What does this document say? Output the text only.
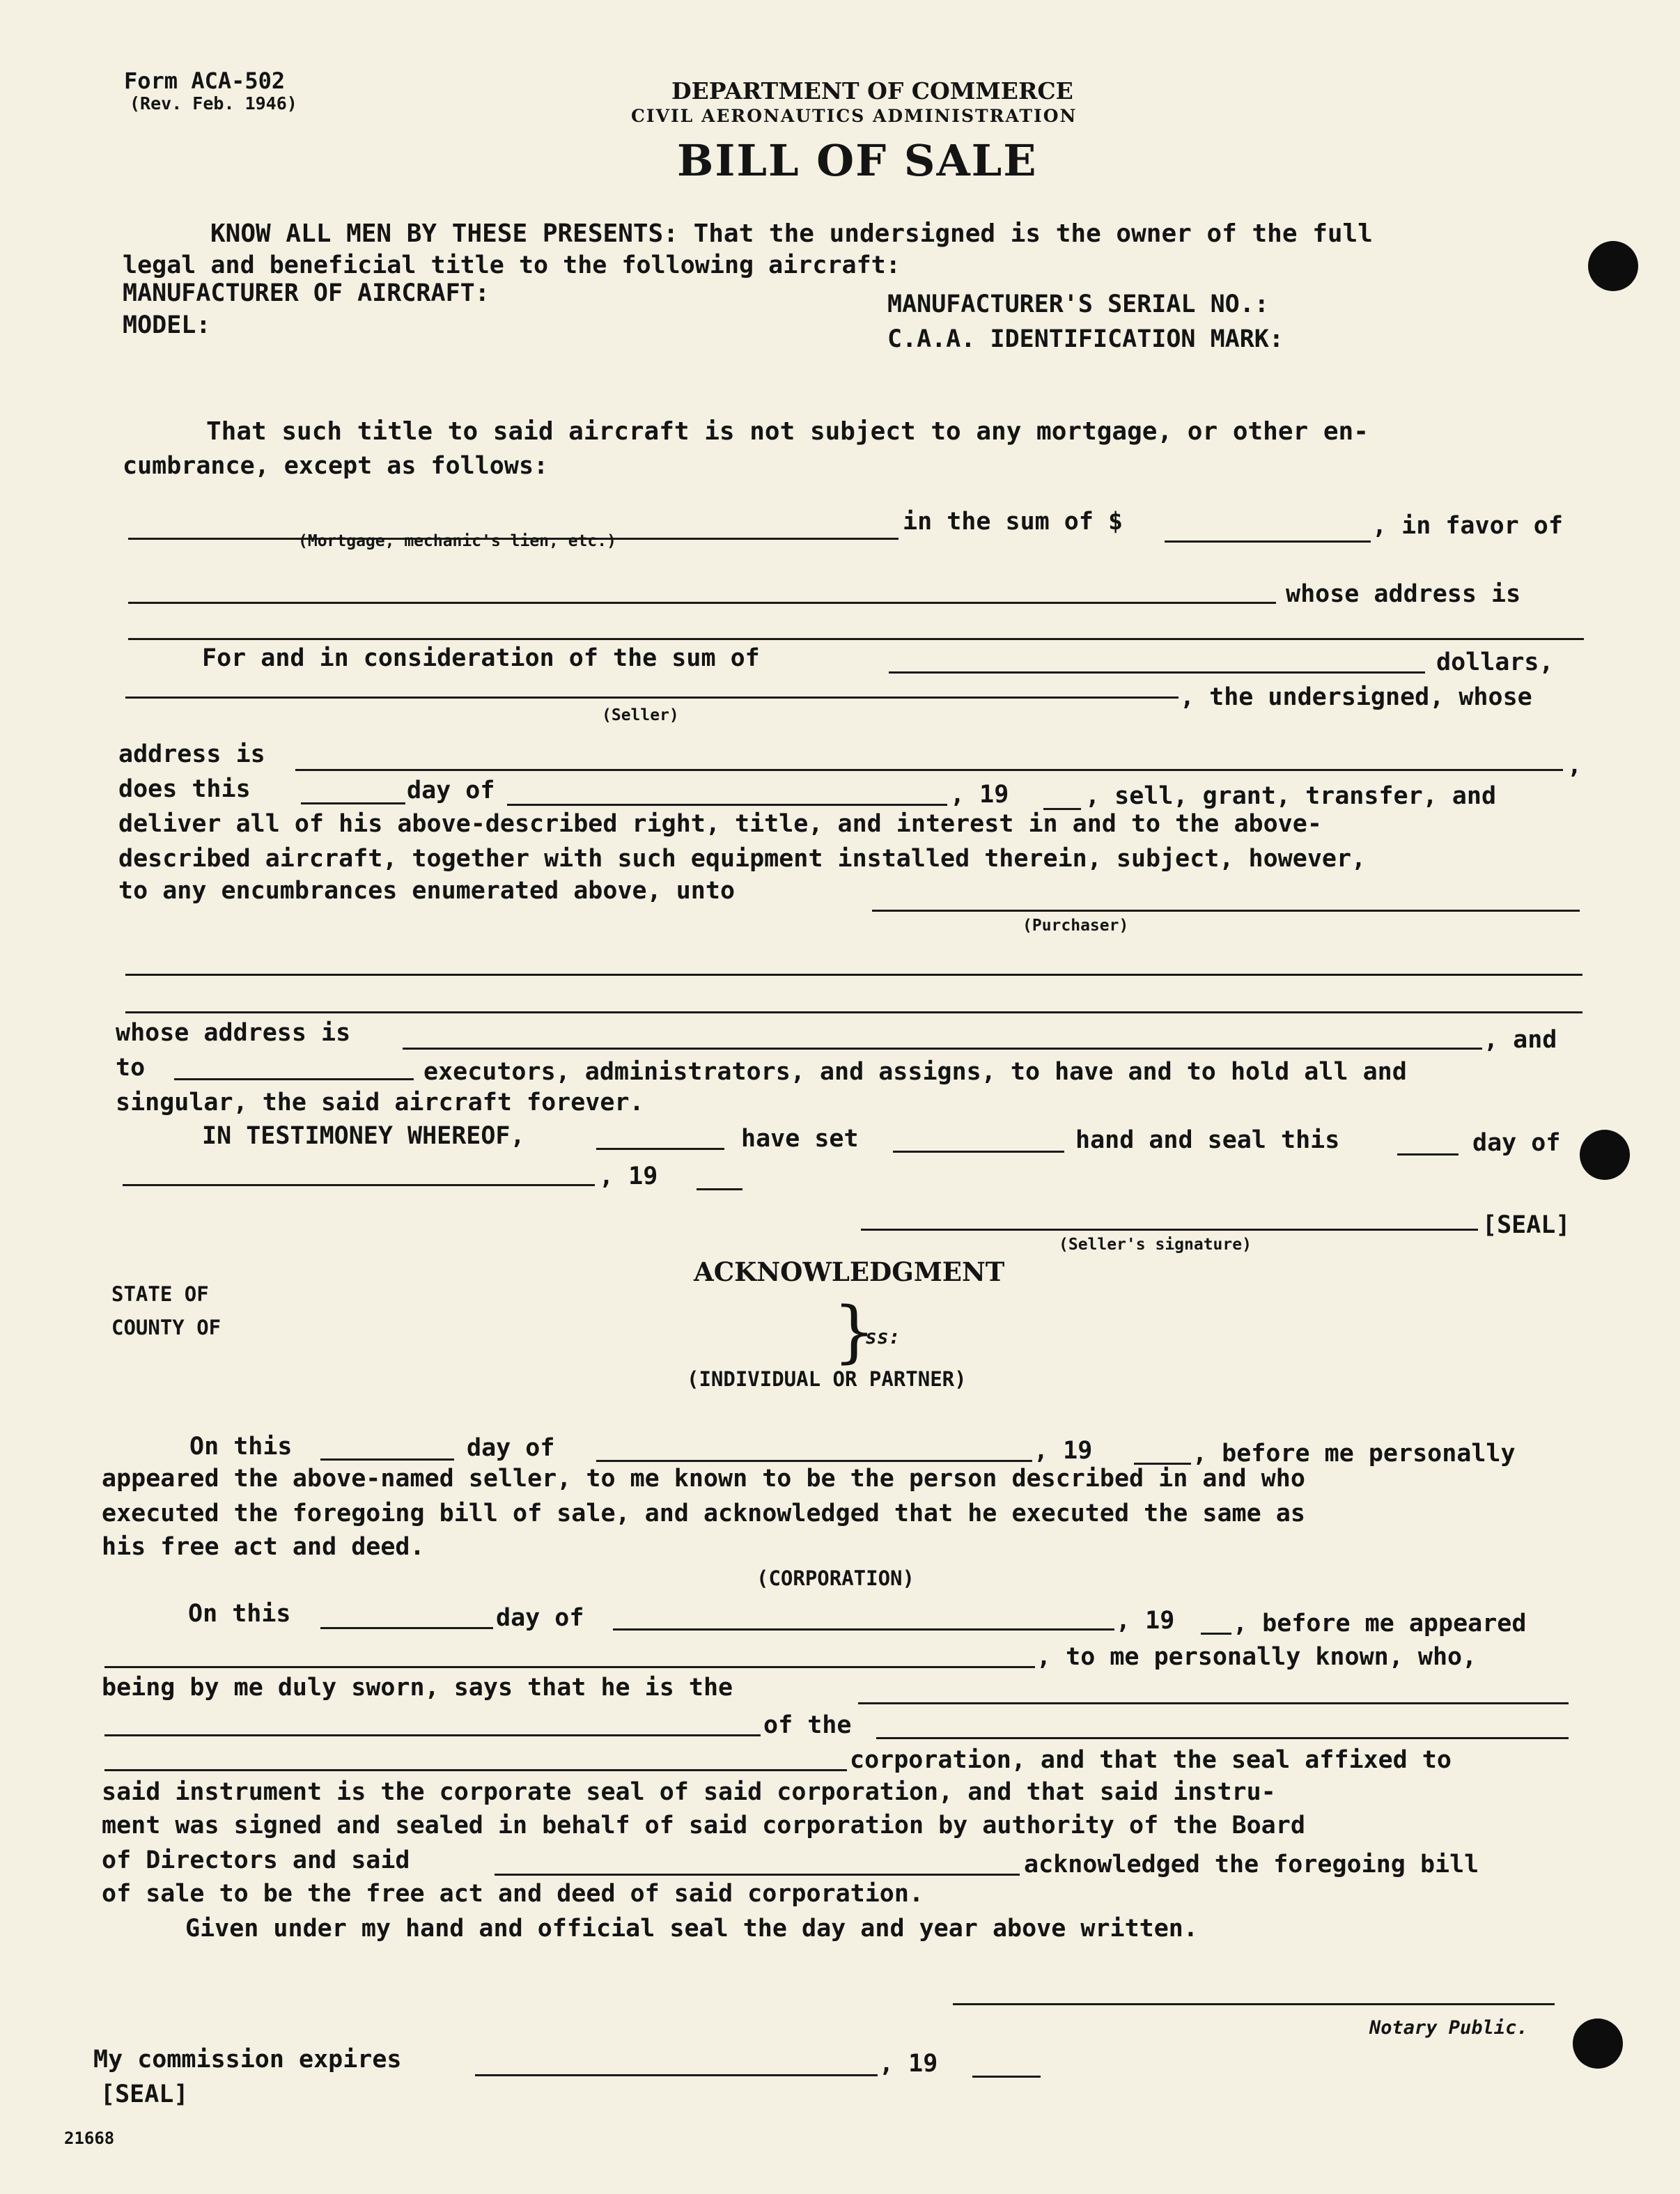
Form ACA-502
(Rev. Feb. 1946)	DEPARTMENT OF COMMERCE
CIVIL AERONAUTICS ADMINISTRATION
BILL OF SALE
KNOW ALL MEN BY THESE PRESENTS: That the undersigned is the owner of the full
legal and beneficial title to the following aircraft:
MANUFACTURER OF AIRCRAFT:
MODEL:
MANUFACTURER'S SERIAL NO.:
C.A.A. IDENTIFICATION MARK:
That such title to said aircraft is not subject to any mortgage, or other en-
cumbrance, except as follows:
(Mortgage, mechanic's lien, etc.)
in the sum of $	, in favor of
whose address is
For and in consideration of the sum of	dollars,
(Seller)
, the undersigned, whose
address is	,
does this	day of	, 19	, sell, grant, transfer, and
deliver all of his above-described right, title, and interest in and to the above-
described aircraft, together with such equipment installed therein, subject, however,
to any encumbrances enumerated above, unto
(Purchaser)
whose address is	, and
to	executors, administrators, and assigns, to have and to hold all and
singular, the said aircraft forever.
IN TESTIMONEY WHEREOF,	have set	hand and seal this	day of
, 19
[SEAL]
(Seller's signature)
ACKNOWLEDGMENT
STATE OF
COUNTY OF	}
ss:
(INDIVIDUAL OR PARTNER)
On this	day of	, 19	, before me personally
appeared the above-named seller, to me known to be the person described in and who
executed the foregoing bill of sale, and acknowledged that he executed the same as
his free act and deed.
(CORPORATION)
On this	day of	, 19 , before me appeared
, to me personally known, who,
being by me duly sworn, says that he is the
of the
corporation, and that the seal affixed to
said instrument is the corporate seal of said corporation, and that said instru-
ment was signed and sealed in behalf of said corporation by authority of the Board
of Directors and said	acknowledged the foregoing bill
of sale to be the free act and deed of said corporation.
Given under my hand and official seal the day and year above written.
Notary Public.
My commission expires	, 19
[SEAL]
21668
